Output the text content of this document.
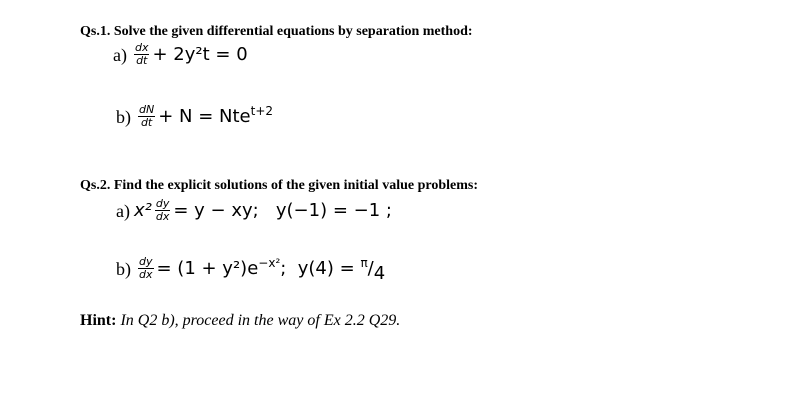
Qs.1. Solve the given differential equations by separation method:
$a) \frac{dx}{dt} + 2y^2t = 0$
$b) \frac{dN}{dt} + N = Nte^{t+2}$
Qs.2. Find the explicit solutions of the given initial value problems:
a) $x^2 \frac{dy}{dx} = y$ − xy;   y(−1) = −1 ;
$b) \frac{dy}{dx} = (1 + y^2)e^{-x^2}$;  y(4) = $^\pi$/4
Hint: In Q2 b), proceed in the way of Ex 2.2 Q29.
